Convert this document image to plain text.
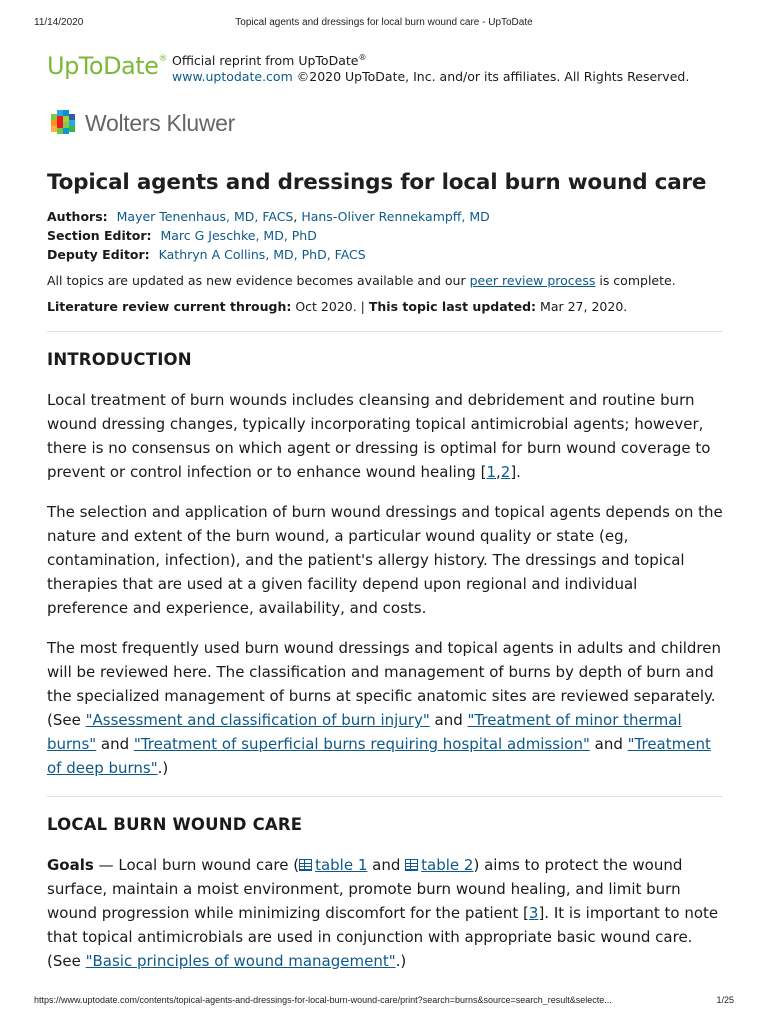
11/14/2020	Topical agents and dressings for local burn wound care - UpToDate
UpToDate® Official reprint from UpToDate®
www.uptodate.com ©2020 UpToDate, Inc. and/or its affiliates. All Rights Reserved.
Wolters Kluwer
Topical agents and dressings for local burn wound care
Authors: Mayer Tenenhaus, MD, FACS, Hans-Oliver Rennekampff, MD
Section Editor: Marc G Jeschke, MD, PhD
Deputy Editor: Kathryn A Collins, MD, PhD, FACS
All topics are updated as new evidence becomes available and our peer review process is complete.
Literature review current through: Oct 2020. | This topic last updated: Mar 27, 2020.
INTRODUCTION

Local treatment of burn wounds includes cleansing and debridement and routine burn wound dressing changes, typically incorporating topical antimicrobial agents; however, there is no consensus on which agent or dressing is optimal for burn wound coverage to prevent or control infection or to enhance wound healing [1,2].

The selection and application of burn wound dressings and topical agents depends on the nature and extent of the burn wound, a particular wound quality or state (eg, contamination, infection), and the patient's allergy history. The dressings and topical therapies that are used at a given facility depend upon regional and individual preference and experience, availability, and costs.

The most frequently used burn wound dressings and topical agents in adults and children will be reviewed here. The classification and management of burns by depth of burn and the specialized management of burns at specific anatomic sites are reviewed separately. (See "Assessment and classification of burn injury" and "Treatment of minor thermal burns" and "Treatment of superficial burns requiring hospital admission" and "Treatment of deep burns".)

LOCAL BURN WOUND CARE

Goals — Local burn wound care ( table 1 and table 2) aims to protect the wound surface, maintain a moist environment, promote burn wound healing, and limit burn wound progression while minimizing discomfort for the patient [3]. It is important to note that topical antimicrobials are used in conjunction with appropriate basic wound care. (See "Basic principles of wound management".)

https://www.uptodate.com/contents/topical-agents-and-dressings-for-local-burn-wound-care/print?search=burns&source=search_result&selecte...	1/25
